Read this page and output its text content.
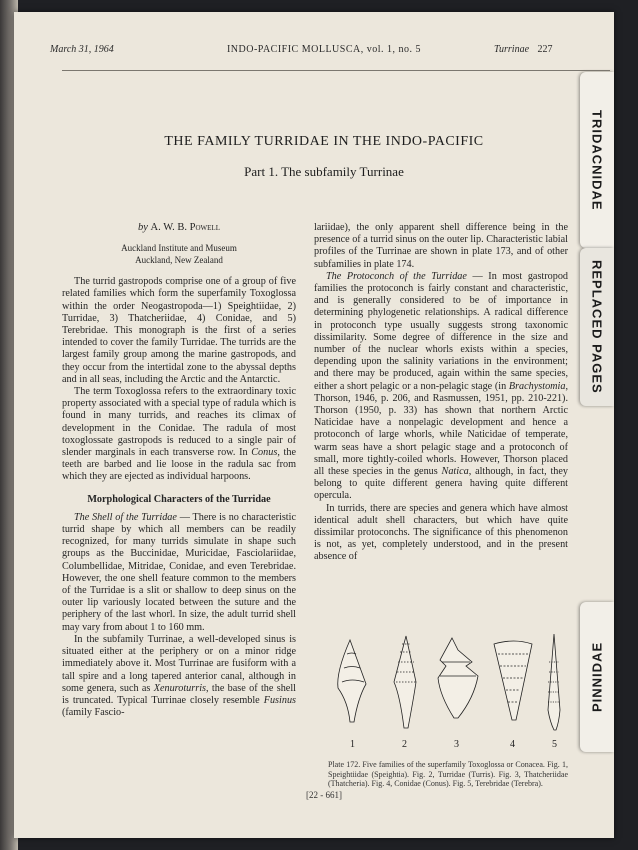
TRIDACNIDAE
REPLACED PAGES
PINNIDAE
March 31, 1964	INDO-PACIFIC MOLLUSCA, vol. 1, no. 5	Turrinae 227
THE FAMILY TURRIDAE IN THE INDO-PACIFIC
Part 1. The subfamily Turrinae
by A. W. B. Powell
Auckland Institute and Museum
Auckland, New Zealand

The turrid gastropods comprise one of a group of five related families which form the superfamily Toxoglossa within the order Neogastropoda—1) Speightiidae, 2) Turridae, 3) Thatcheriidae, 4) Conidae, and 5) Terebridae. This monograph is the first of a series intended to cover the family Turridae. The turrids are the largest family group among the marine gastropods, and they occur from the intertidal zone to the abyssal depths and in all seas, including the Arctic and the Antarctic.

The term Toxoglossa refers to the extraordinary toxic property associated with a special type of radula which is found in many turrids, and reaches its climax of development in the Conidae. The radula of most toxoglossate gastropods is reduced to a single pair of slender marginals in each transverse row. In Conus, the teeth are barbed and lie loose in the radula sac from which they are ejected as individual harpoons.

Morphological Characters of the Turridae

The Shell of the Turridae — There is no characteristic turrid shape by which all members can be readily recognized, for many turrids simulate in shape such groups as the Buccinidae, Muricidae, Fasciolariidae, Columbellidae, Mitridae, Conidae, and even Terebridae. However, the one shell feature common to the members of the Turridae is a slit or shallow to deep sinus on the outer lip variously located between the suture and the periphery of the last whorl. In size, the adult turrid shell may vary from about 1 to 160 mm.

In the subfamily Turrinae, a well-developed sinus is situated either at the periphery or on a minor ridge immediately above it. Most Turrinae are fusiform with a tall spire and a long tapered anterior canal, although in some genera, such as Xenuroturris, the base of the shell is truncated. Typical Turrinae closely resemble Fusinus (family Fascio-

lariidae), the only apparent shell difference being in the presence of a turrid sinus on the outer lip. Characteristic labial profiles of the Turrinae are shown in plate 173, and of other subfamilies in plate 174.

The Protoconch of the Turridae — In most gastropod families the protoconch is fairly constant and characteristic, and is generally considered to be of importance in determining phylogenetic relationships. A radical difference in protoconch type usually suggests strong taxonomic dissimilarity. Some degree of difference in the size and number of the nuclear whorls exists within a species, depending upon the salinity variations in the environment; and there may be produced, again within the same species, either a short pelagic or a non-pelagic stage (in Brachystomia, Thorson, 1946, p. 206, and Rasmussen, 1951, pp. 210-221). Thorson (1950, p. 33) has shown that northern Arctic Naticidae have a nonpelagic development and hence a protoconch of large whorls, while Naticidae of temperate, warm seas have a short pelagic stage and a protoconch of small, more tightly-coiled whorls. However, Thorson placed all these species in the genus Natica, although, in fact, they belong to quite different genera having quite different opercula.

In turrids, there are species and genera which have almost identical adult shell characters, but which have quite dissimilar protoconchs. The significance of this phenomenon is not, as yet, completely understood, and in the present absence of

1	2	3	4	5
Plate 172. Five families of the superfamily Toxoglossa or Conacea. Fig. 1, Speightiidae (Speightia). Fig. 2, Turridae (Turris). Fig. 3, Thatcheriidae (Thatcheria). Fig. 4, Conidae (Conus). Fig. 5, Terebridae (Terebra).
[22 - 661]
